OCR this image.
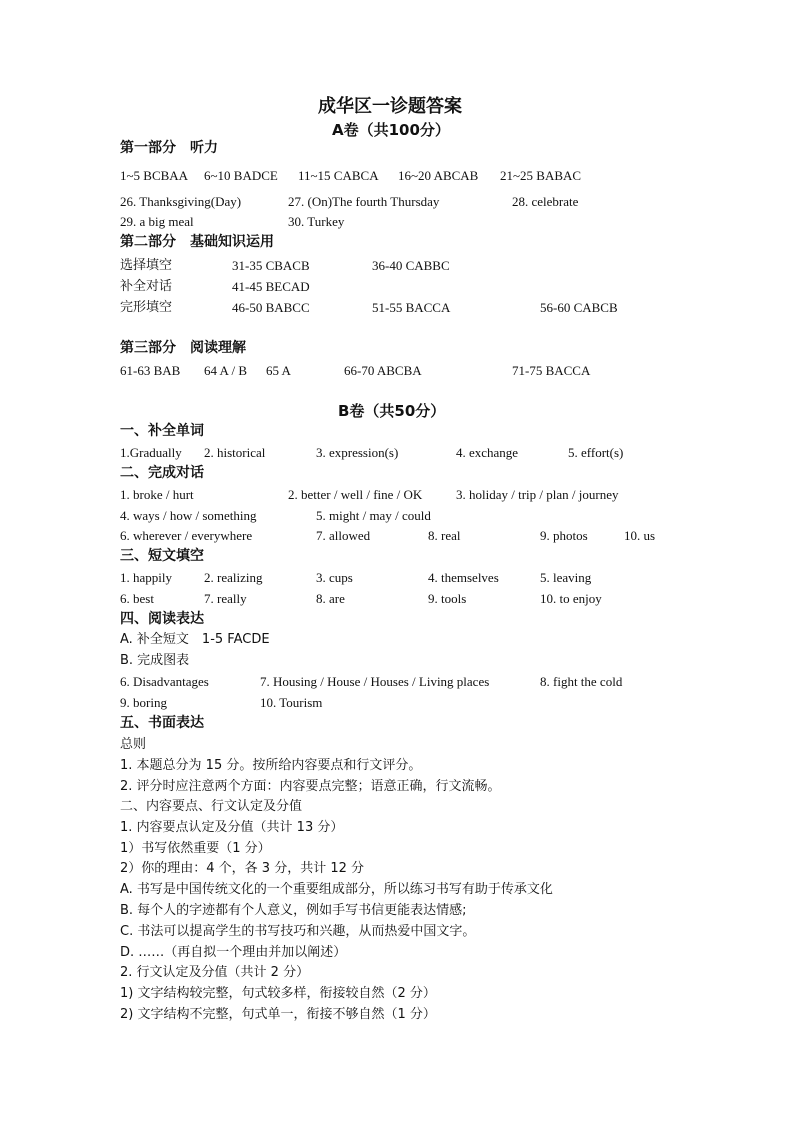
成华区一诊题答案
A卷（共100分）
第一部分　听力
1~5 BCBAA 6~10 BADCE 11~15 CABCA 16~20 ABCAB 21~25 BABAC
26. Thanksgiving(Day)	27. (On)The fourth Thursday	28. celebrate
29. a big meal	30. Turkey
第二部分　基础知识运用
选择填空	31-35 CBACB	36-40 CABBC
补全对话	41-45 BECAD
完形填空	46-50 BABCC	51-55 BACCA	56-60 CABCB
第三部分　阅读理解
61-63 BAB 64 A / B 65 A	66-70 ABCBA	71-75 BACCA
B卷（共50分）
一、补全单词
1.Gradually 2. historical	3. expression(s)	4. exchange	5. effort(s)
二、完成对话
1. broke / hurt	2. better / well / fine / OK	3. holiday / trip / plan / journey
4. ways / how / something	5. might / may / could
6. wherever / everywhere	7. allowed	8. real	9. photos	10. us
三、短文填空
1. happily 2. realizing	3. cups	4. themselves	5. leaving
6. best	7. really	8. are	9. tools	10. to enjoy
四、阅读表达
A. 补全短文　1-5 FACDE
B. 完成图表
6. Disadvantages	7. Housing / House / Houses / Living places	8. fight the cold
9. boring	10. Tourism
五、书面表达
总则
1. 本题总分为 15 分。按所给内容要点和行文评分。
2. 评分时应注意两个方面：内容要点完整；语意正确，行文流畅。
二、内容要点、行文认定及分值
1. 内容要点认定及分值（共计 13 分）
1）书写依然重要（1 分）
2）你的理由：4 个，各 3 分，共计 12 分
A. 书写是中国传统文化的一个重要组成部分，所以练习书写有助于传承文化
B. 每个人的字迹都有个人意义，例如手写书信更能表达情感;
C. 书法可以提高学生的书写技巧和兴趣，从而热爱中国文字。
D. ……（再自拟一个理由并加以阐述）
2. 行文认定及分值（共计 2 分）
1) 文字结构较完整，句式较多样，衔接较自然（2 分）
2) 文字结构不完整，句式单一，衔接不够自然（1 分）
